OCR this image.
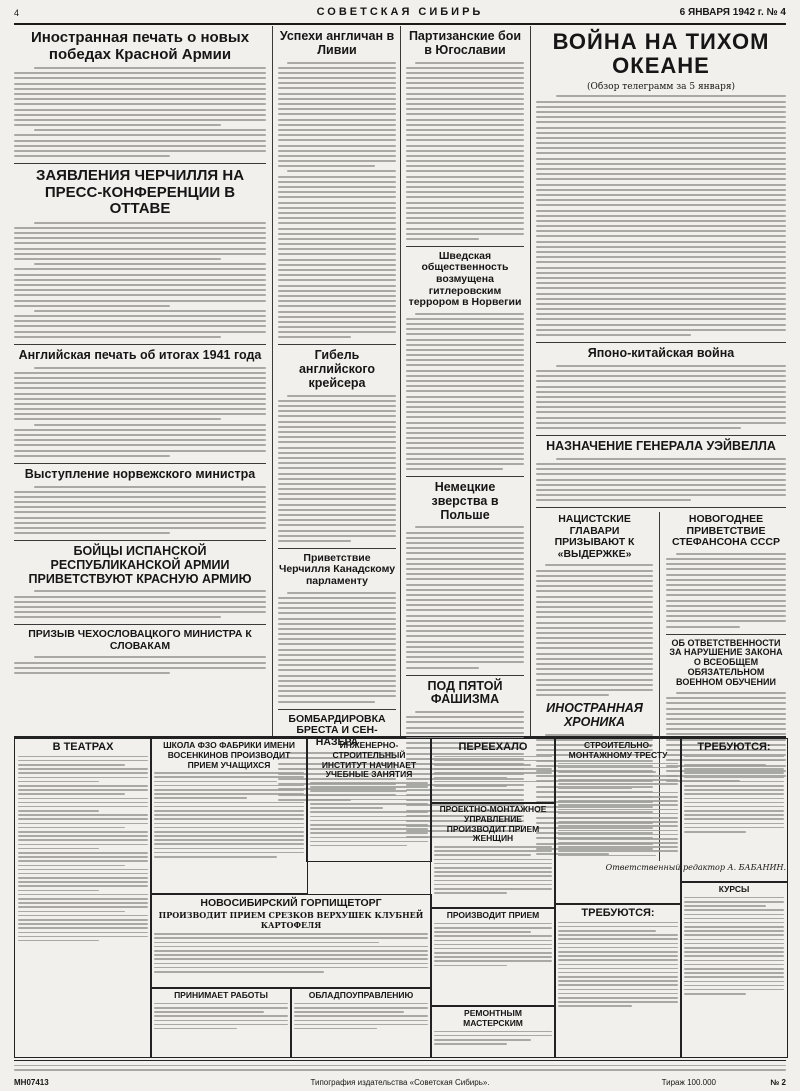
4	СОВЕТСКАЯ СИБИРЬ	6 ЯНВАРЯ 1942 г. № 4
Иностранная печать о новых победах Красной Армии
ЗАЯВЛЕНИЯ ЧЕРЧИЛЛЯ НА ПРЕСС-КОНФЕРЕНЦИИ В ОТТАВЕ
Английская печать об итогах 1941 года
Выступление норвежского министра
БОЙЦЫ ИСПАНСКОЙ РЕСПУБЛИКАНСКОЙ АРМИИ ПРИВЕТСТВУЮТ КРАСНУЮ АРМИЮ
ПРИЗЫВ ЧЕХОСЛОВАЦКОГО МИНИСТРА К СЛОВАКАМ
Успехи англичан в Ливии
Гибель английского крейсера
Приветствие Черчилля Канадскому парламенту
БОМБАРДИРОВКА БРЕСТА И СЕН-НАЗЕРА
Партизанские бои в Югославии
Шведская общественность возмущена гитлеровским террором в Норвегии
Немецкие зверства в Польше
ПОД ПЯТОЙ ФАШИЗМА
ВОЙНА НА ТИХОМ ОКЕАНЕ
(Обзор телеграмм за 5 января)
Японо-китайская война
НАЗНАЧЕНИЕ ГЕНЕРАЛА УЭЙВЕЛЛА
НАЦИСТСКИЕ ГЛАВАРИ ПРИЗЫВАЮТ К «ВЫДЕРЖКЕ»
ИНОСТРАННАЯ ХРОНИКА
НОВОГОДНЕЕ ПРИВЕТСТВИЕ СТЕФАНСОНА СССР
ОБ ОТВЕТСТВЕННОСТИ ЗА НАРУШЕНИЕ ЗАКОНА О ВСЕОБЩЕМ ОБЯЗАТЕЛЬНОМ ВОЕННОМ ОБУЧЕНИИ
Ответственный редактор А. БАБАНИН.
В ТЕАТРАХ	ШКОЛА ФЗО ФАБРИКИ ИМЕНИ ВОСЕНКИНОВ ПРОИЗВОДИТ ПРИЕМ УЧАЩИХСЯ
ИНЖЕНЕРНО-СТРОИТЕЛЬНЫЙ ИНСТИТУТ НАЧИНАЕТ УЧЕБНЫЕ ЗАНЯТИЯ
ПЕРЕЕХАЛО
ПРОЕКТНО-МОНТАЖНОЕ УПРАВЛЕНИЕ ПРОИЗВОДИТ ПРИЕМ ЖЕНЩИН
СТРОИТЕЛЬНО-МОНТАЖНОМУ ТРЕСТУ
ТРЕБУЮТСЯ:
НОВОСИБИРСКИЙ ГОРПИЩЕТОРГ
ПРОИЗВОДИТ ПРИЕМ СРЕЗКОВ ВЕРХУШЕК КЛУБНЕЙ КАРТОФЕЛЯ
ПРОИЗВОДИТ ПРИЕМ	ТРЕБУЮТСЯ:
КУРСЫ
ПРИНИМАЕТ РАБОТЫ	ОБЛАДПОУПРАВЛЕНИЮ
РЕМОНТНЫМ МАСТЕРСКИМ
МН07413	Типография издательства «Советская Сибирь».	Тираж 100.000	№ 2
